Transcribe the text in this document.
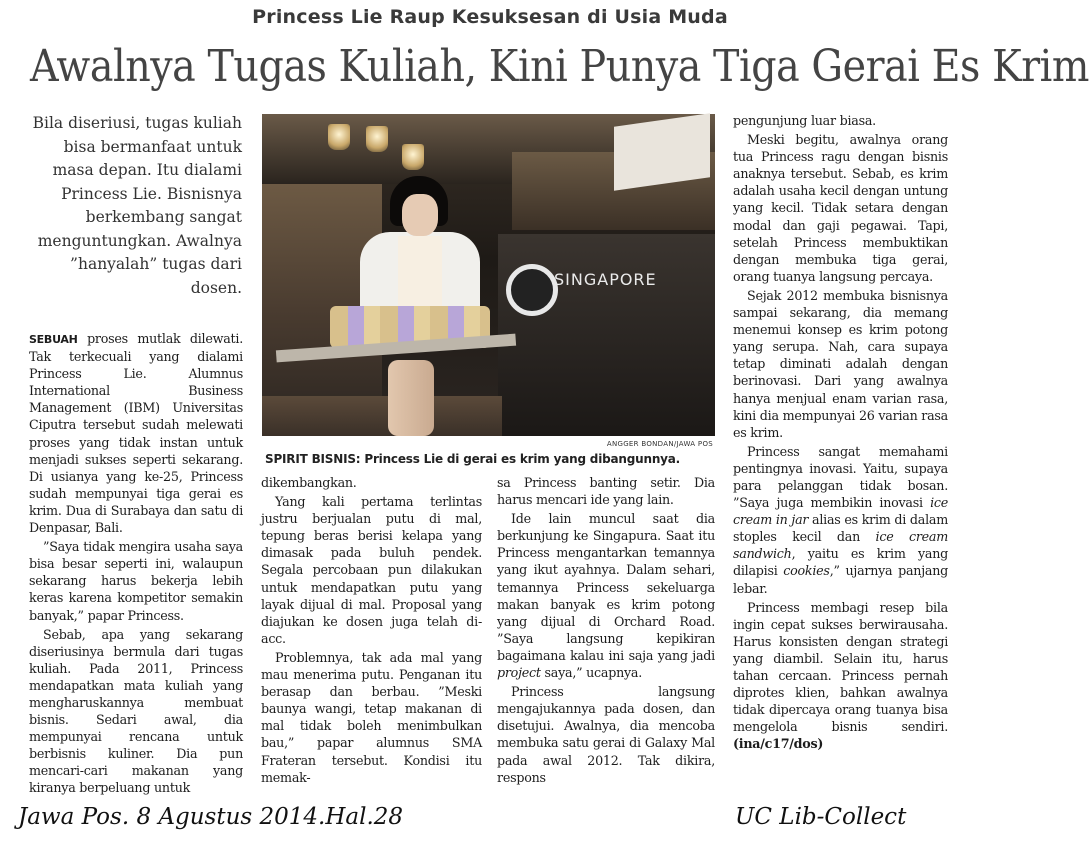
Princess Lie Raup Kesuksesan di Usia Muda
Awalnya Tugas Kuliah, Kini Punya Tiga Gerai Es Krim
Bila diseriusi, tugas kuliah bisa bermanfaat untuk masa depan. Itu dialami Princess Lie. Bisnisnya berkembang sangat menguntungkan. Awalnya ”hanyalah” tugas dari dosen.	SINGAPORE
ANGGER BONDAN/JAWA POS
SPIRIT BISNIS: Princess Lie di gerai es krim yang dibangunnya.

SEBUAH proses mutlak dilewati. Tak terkecuali yang dialami Princess Lie. Alumnus International Business Management (IBM) Universitas Ciputra tersebut sudah melewati proses yang tidak instan untuk menjadi sukses seperti sekarang. Di usianya yang ke-25, Princess sudah mempunyai tiga gerai es krim. Dua di Surabaya dan satu di Denpasar, Bali.

”Saya tidak mengira usaha saya bisa besar seperti ini, walaupun sekarang harus bekerja lebih keras karena kompetitor semakin banyak,” papar Princess.

Sebab, apa yang sekarang diseriusinya bermula dari tugas kuliah. Pada 2011, Princess mendapatkan mata kuliah yang mengharuskannya membuat bisnis. Sedari awal, dia mempunyai rencana untuk berbisnis kuliner. Dia pun mencari-cari makanan yang kiranya berpeluang untuk

dikembangkan.

Yang kali pertama terlintas justru berjualan putu di mal, tepung beras berisi kelapa yang dimasak pada buluh pendek. Segala percobaan pun dilakukan untuk mendapatkan putu yang layak dijual di mal. Proposal yang diajukan ke dosen juga telah di-acc.

Problemnya, tak ada mal yang mau menerima putu. Penganan itu berasap dan berbau. ”Meski baunya wangi, tetap makanan di mal tidak boleh menimbulkan bau,” papar alumnus SMA Frateran tersebut. Kondisi itu memak-

sa Princess banting setir. Dia harus mencari ide yang lain.

Ide lain muncul saat dia berkunjung ke Singapura. Saat itu Princess mengantarkan temannya yang ikut ayahnya. Dalam sehari, temannya Princess sekeluarga makan banyak es krim potong yang dijual di Orchard Road. ”Saya langsung kepikiran bagaimana kalau ini saja yang jadi project saya,” ucapnya.

Princess langsung mengajukannya pada dosen, dan disetujui. Awalnya, dia mencoba membuka satu gerai di Galaxy Mal pada awal 2012. Tak dikira, respons

pengunjung luar biasa.

Meski begitu, awalnya orang tua Princess ragu dengan bisnis anaknya tersebut. Sebab, es krim adalah usaha kecil dengan untung yang kecil. Tidak setara dengan modal dan gaji pegawai. Tapi, setelah Princess membuktikan dengan membuka tiga gerai, orang tuanya langsung percaya.

Sejak 2012 membuka bisnisnya sampai sekarang, dia memang menemui konsep es krim potong yang serupa. Nah, cara supaya tetap diminati adalah dengan berinovasi. Dari yang awalnya hanya menjual enam varian rasa, kini dia mempunyai 26 varian rasa es krim.

Princess sangat memahami pentingnya inovasi. Yaitu, supaya para pelanggan tidak bosan. ”Saya juga membikin inovasi ice cream in jar alias es krim di dalam stoples kecil dan ice cream sandwich, yaitu es krim yang dilapisi cookies,” ujarnya panjang lebar.

Princess membagi resep bila ingin cepat sukses berwirausaha. Harus konsisten dengan strategi yang diambil. Selain itu, harus tahan cercaan. Princess pernah diprotes klien, bahkan awalnya tidak dipercaya orang tuanya bisa mengelola bisnis sendiri. (ina/c17/dos)

Jawa Pos. 8 Agustus 2014.Hal.28	UC Lib-Collect
